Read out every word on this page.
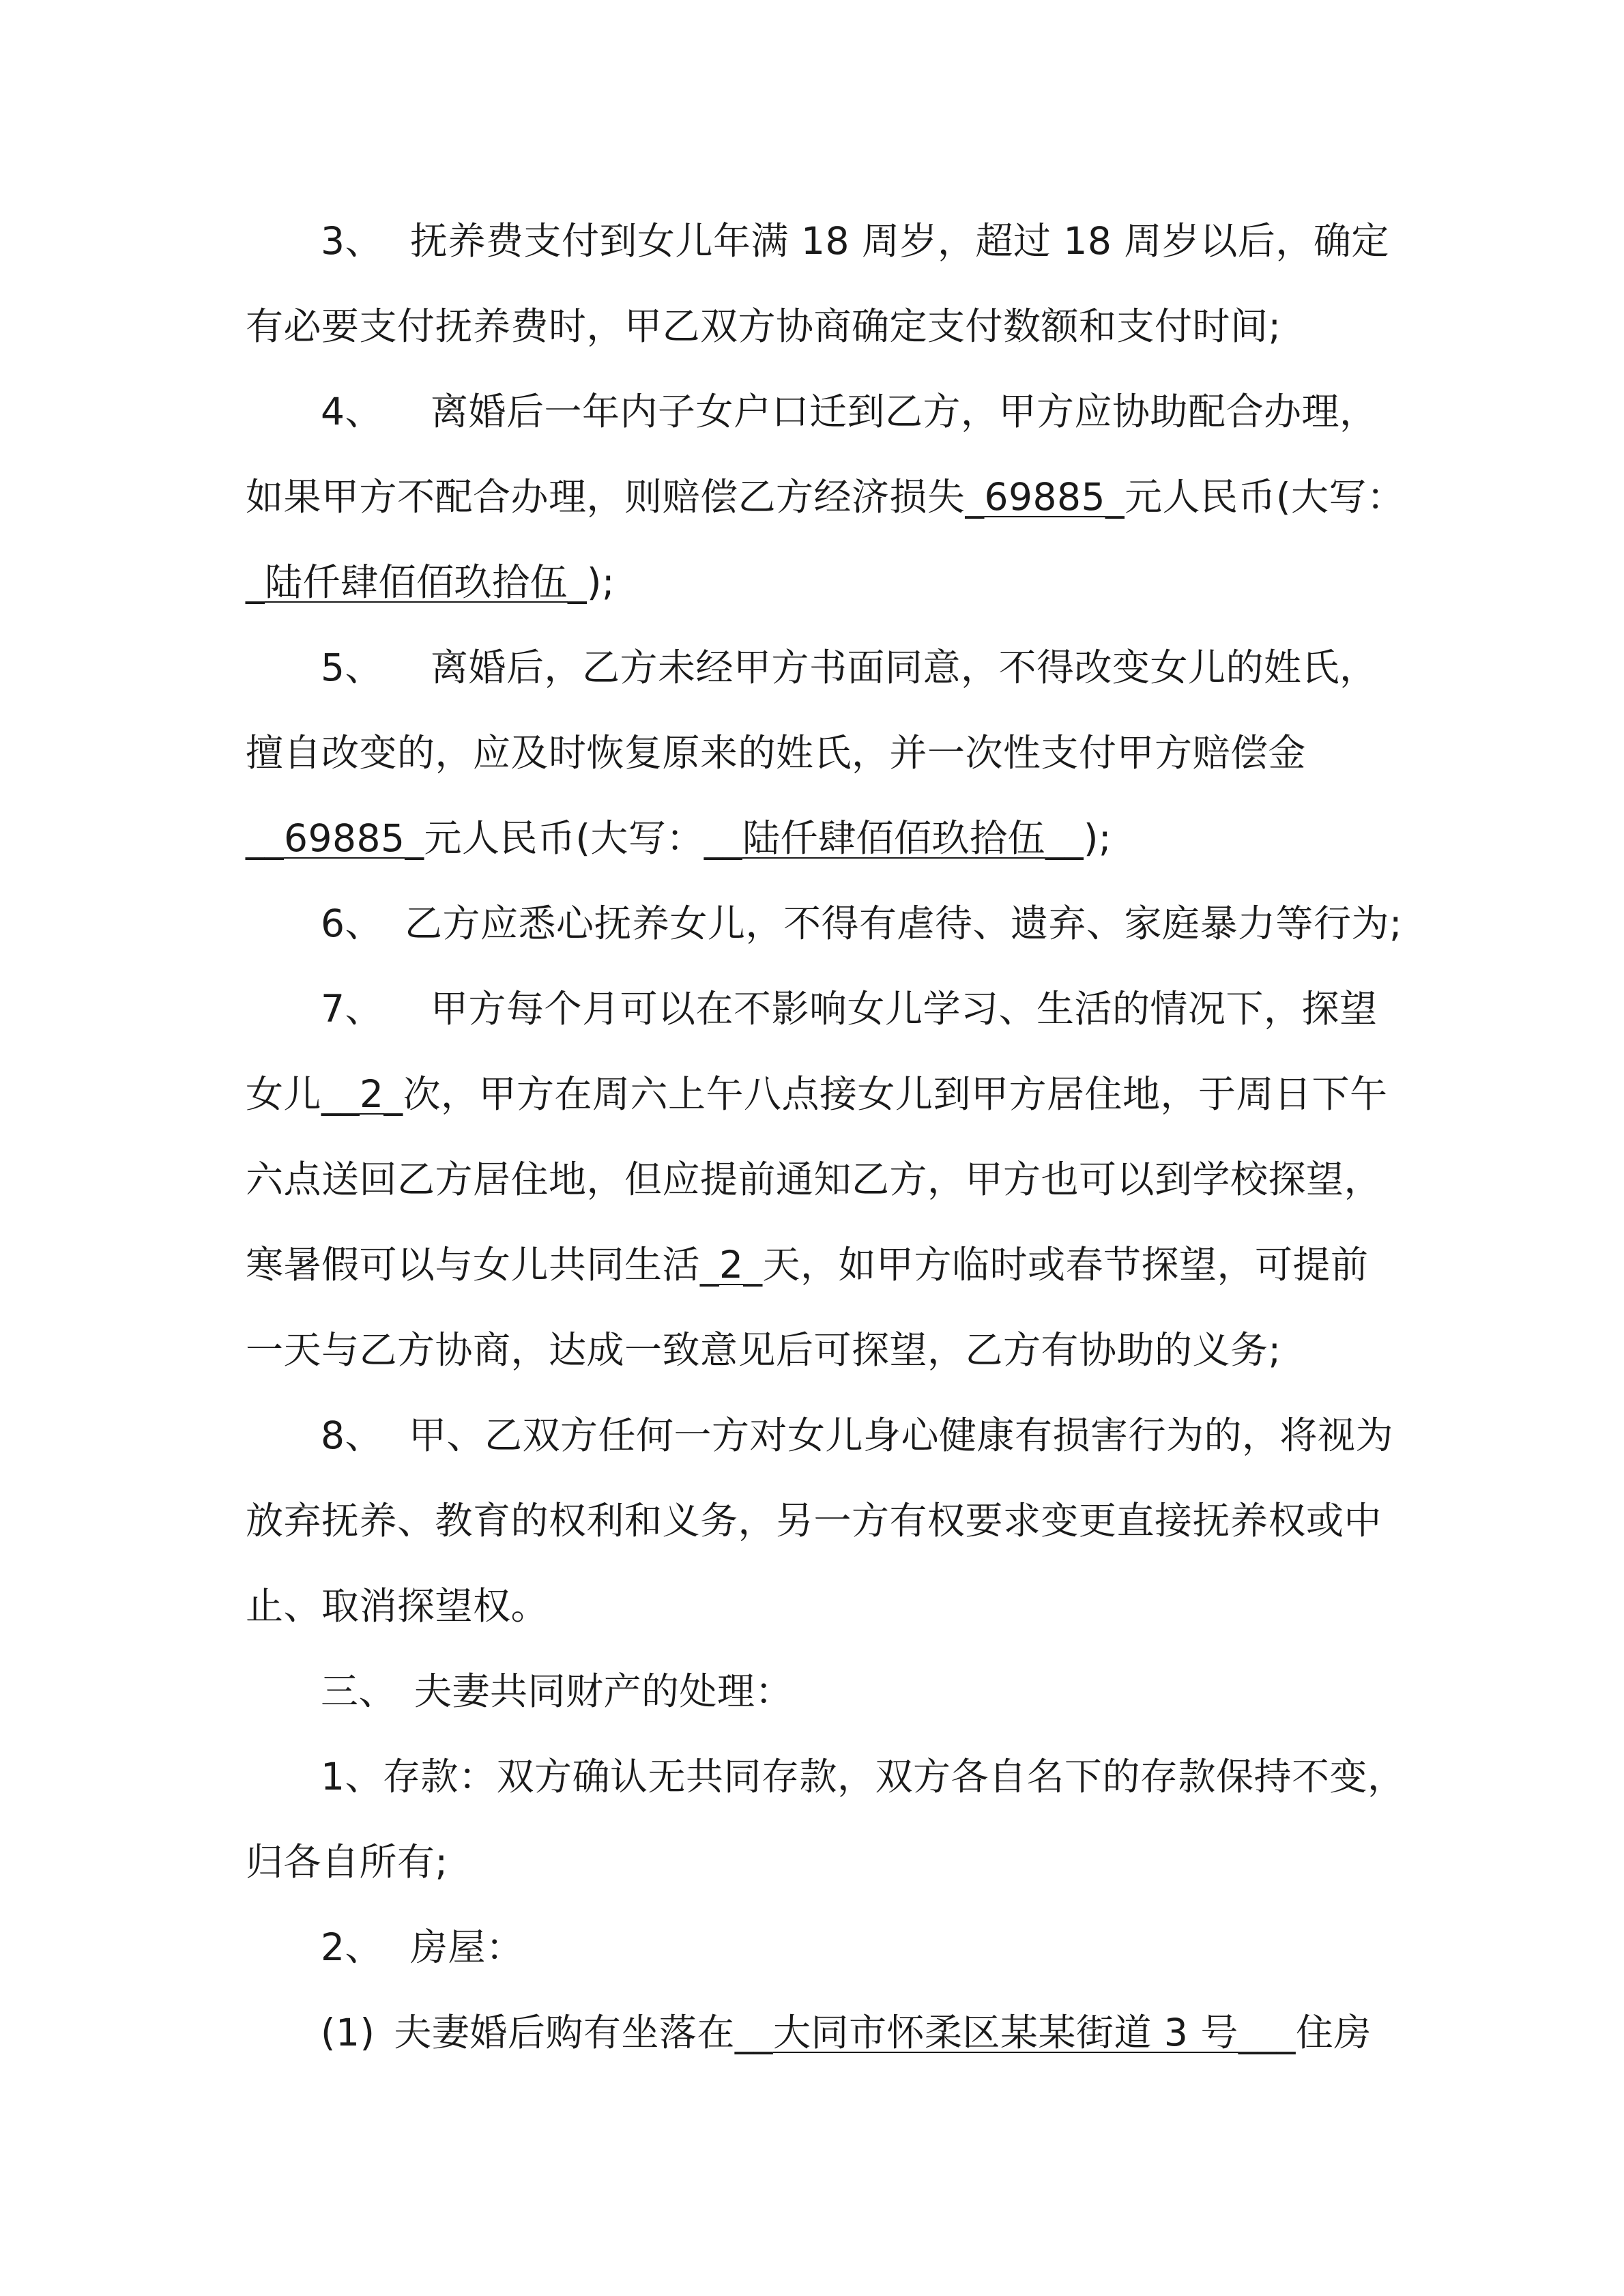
3、 抚养费支付到女儿年满 18 周岁，超过 18 周岁以后，确定
有必要支付抚养费时，甲乙双方协商确定支付数额和支付时间;
4、 离婚后一年内子女户口迁到乙方，甲方应协助配合办理，
如果甲方不配合办理，则赔偿乙方经济损失_69885_元人民币(大写：
_陆仟肆佰佰玖拾伍_);
5、 离婚后，乙方未经甲方书面同意，不得改变女儿的姓氏，
擅自改变的，应及时恢复原来的姓氏，并一次性支付甲方赔偿金
__69885_元人民币(大写：__陆仟肆佰佰玖拾伍__);
6、 乙方应悉心抚养女儿，不得有虐待、遗弃、家庭暴力等行为;
7、 甲方每个月可以在不影响女儿学习、生活的情况下，探望
女儿__2_次，甲方在周六上午八点接女儿到甲方居住地，于周日下午
六点送回乙方居住地，但应提前通知乙方，甲方也可以到学校探望，
寒暑假可以与女儿共同生活_2_天，如甲方临时或春节探望，可提前
一天与乙方协商，达成一致意见后可探望，乙方有协助的义务;
8、 甲、乙双方任何一方对女儿身心健康有损害行为的，将视为
放弃抚养、教育的权利和义务，另一方有权要求变更直接抚养权或中
止、取消探望权。
三、 夫妻共同财产的处理：
1、存款：双方确认无共同存款，双方各自名下的存款保持不变，
归各自所有;
2、 房屋：
(1) 夫妻婚后购有坐落在__大同市怀柔区某某街道 3 号___住房
